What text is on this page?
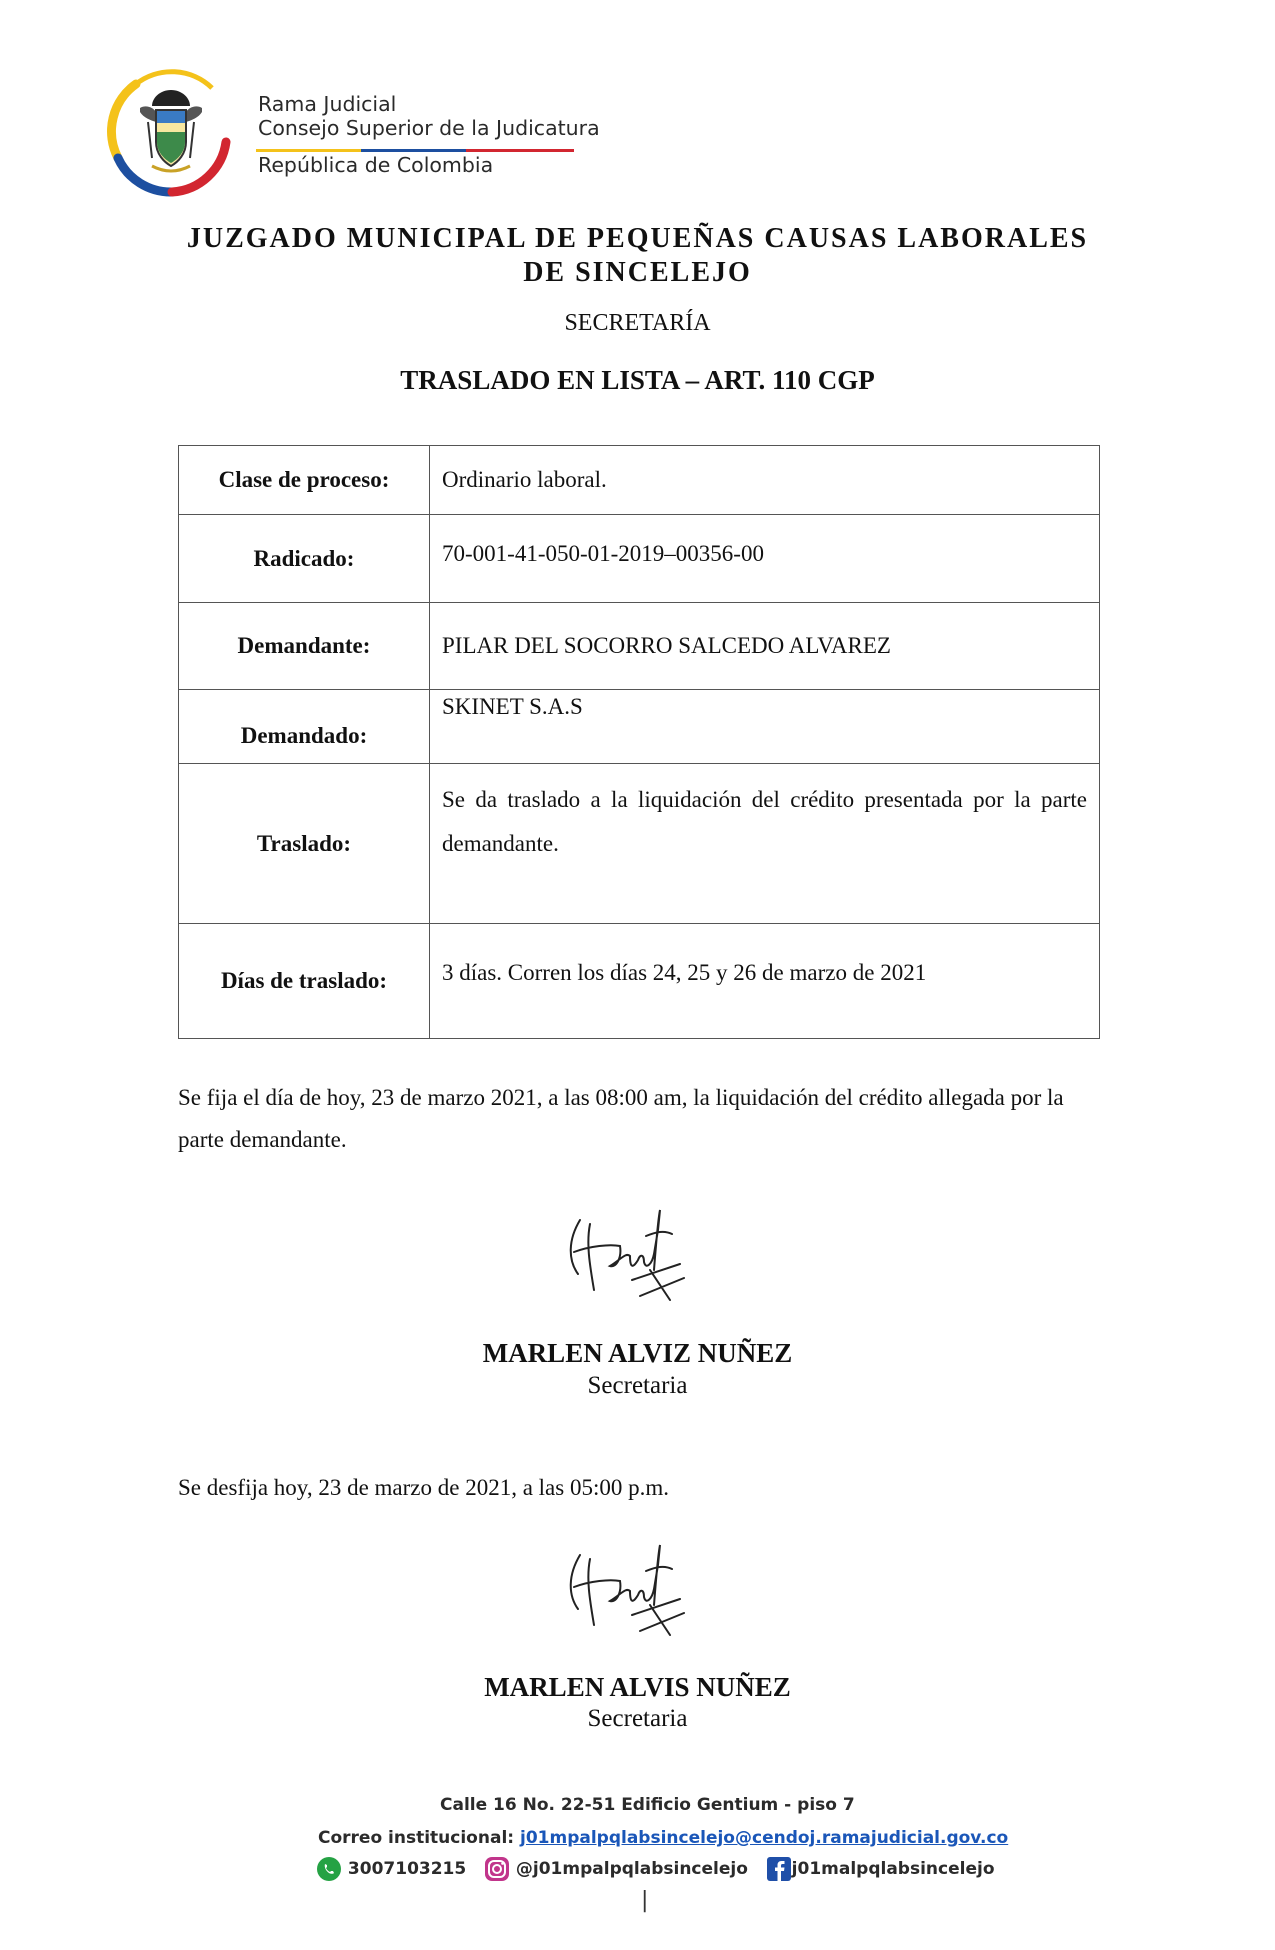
Rama Judicial
Consejo Superior de la Judicatura
República de Colombia
JUZGADO MUNICIPAL DE PEQUEÑAS CAUSAS LABORALES DE SINCELEJO
SECRETARÍA
TRASLADO EN LISTA – ART. 110 CGP
Clase de proceso:	Ordinario laboral.
Radicado:	70-001-41-050-01-2019–00356-00
Demandante:	PILAR DEL SOCORRO SALCEDO ALVAREZ
Demandado:	SKINET S.A.S
Traslado:	Se da traslado a la liquidación del crédito presentada por la parte demandante.
Días de traslado:	3 días. Corren los días 24, 25 y 26 de marzo de 2021
Se fija el día de hoy, 23 de marzo 2021, a las 08:00 am, la liquidación del crédito allegada por la parte demandante.
MARLEN ALVIZ NUÑEZ
Secretaria
Se desfija hoy, 23 de marzo de 2021, a las 05:00 p.m.
MARLEN ALVIS NUÑEZ
Secretaria
Calle 16 No. 22-51 Edificio Gentium - piso 7
Correo institucional: j01mpalpqlabsincelejo@cendoj.ramajudicial.gov.co
3007103215	@j01mpalpqlabsincelejo	j01malpqlabsincelejo
|
